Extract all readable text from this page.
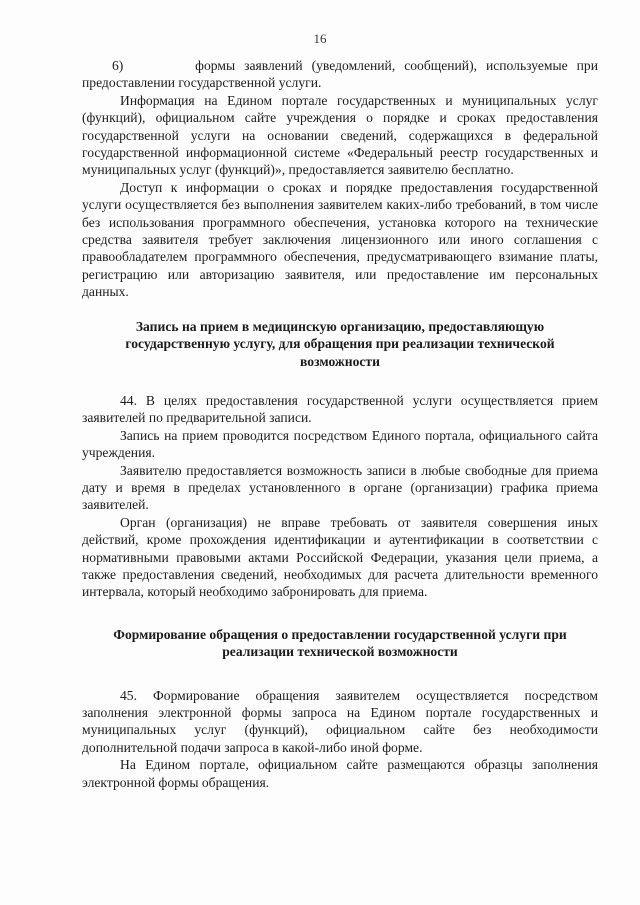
16

6)        формы заявлений (уведомлений, сообщений), используемые при предоставлении государственной услуги.

Информация на Едином портале государственных и муниципальных услуг (функций), официальном сайте учреждения о порядке и сроках предоставления государственной услуги на основании сведений, содержащихся в федеральной государственной информационной системе «Федеральный реестр государственных и муниципальных услуг (функций)», предоставляется заявителю бесплатно.

Доступ к информации о сроках и порядке предоставления государственной услуги осуществляется без выполнения заявителем каких-либо требований, в том числе без использования программного обеспечения, установка которого на технические средства заявителя требует заключения лицензионного или иного соглашения с правообладателем программного обеспечения, предусматривающего взимание платы, регистрацию или авторизацию заявителя, или предоставление им персональных данных.

Запись на прием в медицинскую организацию, предоставляющую государственную услугу, для обращения при реализации технической возможности

44. В целях предоставления государственной услуги осуществляется прием заявителей по предварительной записи.

Запись на прием проводится посредством Единого портала, официального сайта учреждения.

Заявителю предоставляется возможность записи в любые свободные для приема дату и время в пределах установленного в органе (организации) графика приема заявителей.

Орган (организация) не вправе требовать от заявителя совершения иных действий, кроме прохождения идентификации и аутентификации в соответствии с нормативными правовыми актами Российской Федерации, указания цели приема, а также предоставления сведений, необходимых для расчета длительности временного интервала, который необходимо забронировать для приема.

Формирование обращения о предоставлении государственной услуги при реализации технической возможности

45. Формирование обращения заявителем осуществляется посредством заполнения электронной формы запроса на Едином портале государственных и муниципальных услуг (функций), официальном сайте без необходимости дополнительной подачи запроса в какой-либо иной форме.

На Едином портале, официальном сайте размещаются образцы заполнения электронной формы обращения.
